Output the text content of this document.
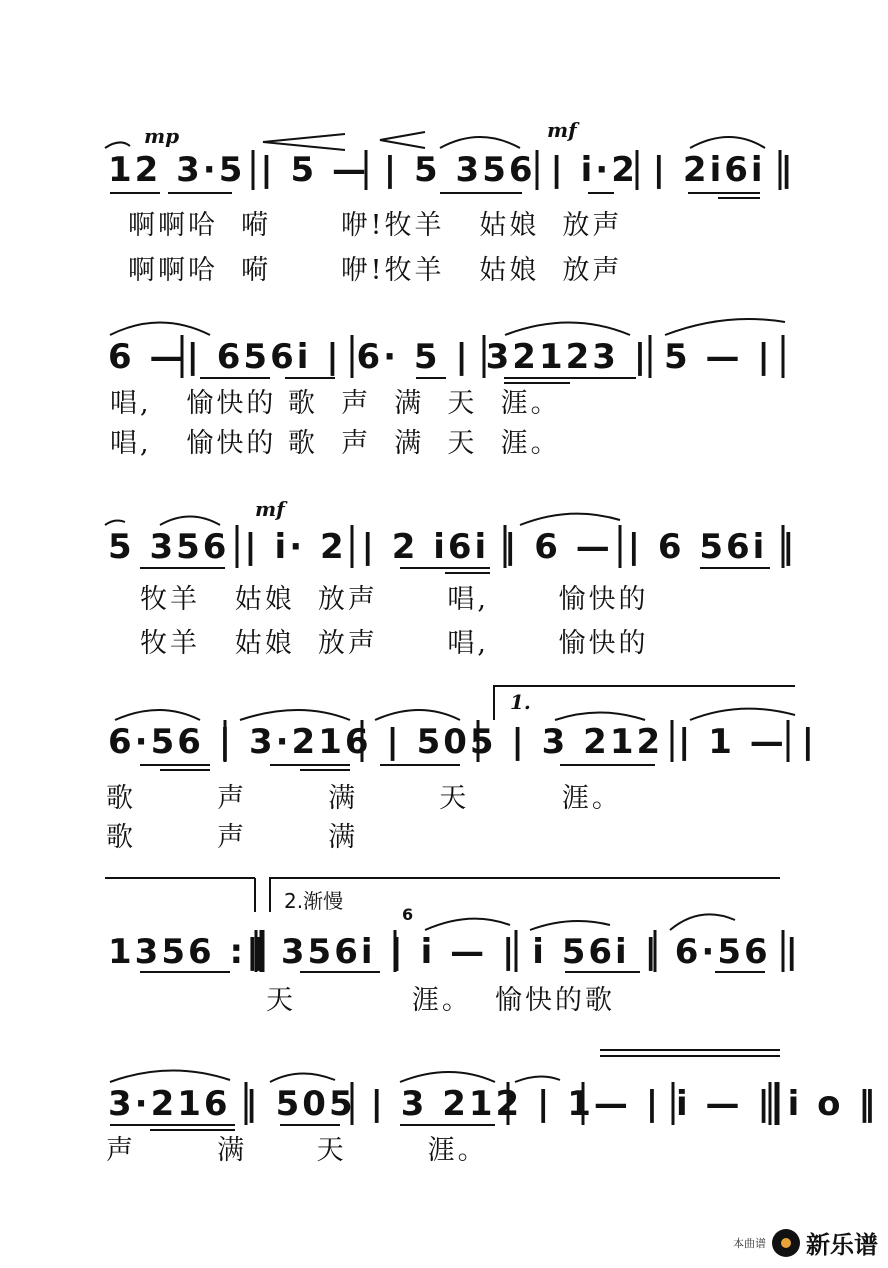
mp	mf
12 3·5 | 5 — | 5 356 | i·2 | 2i6i |
啊啊哈  嗬      咿!牧羊   姑娘  放声
啊啊哈  嗬      咿!牧羊   姑娘  放声
6 —| 656i | 6· 5 | 32123 | 5 — |
唱,   愉快的 歌  声  满  天  涯。
唱,   愉快的 歌  声  满  天  涯。
mf
5 356 | i· 2 | 2 i6i | 6 — | 6 56i |
牧羊   姑娘  放声      唱,      愉快的
牧羊   姑娘  放声      唱,      愉快的
1.
6·56 | 3·216 | 505 | 3 212 | 1 — |
歌       声       满       天        涯。
歌       声       满
2.渐慢
6
1356 :‖ 356i | i — | i 56i | 6·56 |
天          涯。  愉快的歌
3·216 | 505 | 3 212 | 1— | i — | i o ‖
声       满      天       涯。
本曲谱 新乐谱
